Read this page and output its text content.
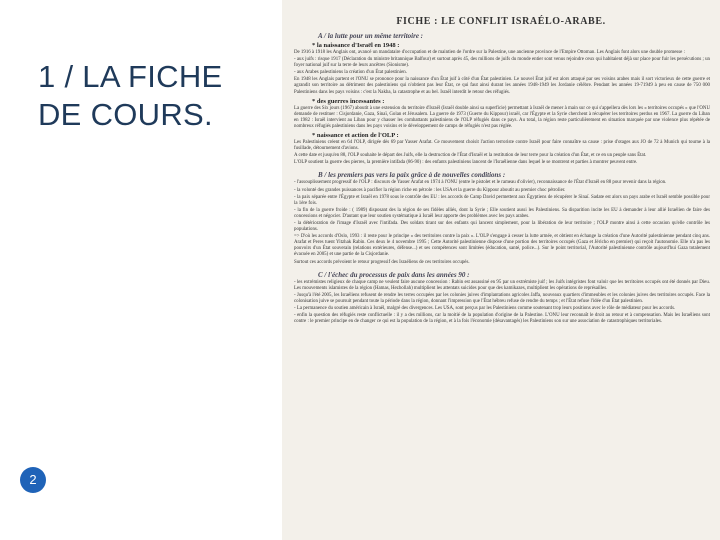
1 / LA FICHE
DE COURS.
2
FICHE : LE CONFLIT ISRAÉLO-ARABE.
A / la lutte pour un même territoire :
* la naissance d'Israël en 1948 :
De 1916 à 1918 les Anglais ont, avancé un mandataire d'occupation et de maintien de l'ordre sur la Palestine, une ancienne province de l'Empire Ottoman. Les Anglais font alors une double promesse :
- aux juifs : risque 1917 (Déclaration du ministre britannique Balfour) et surtout après 45, des millions de juifs du monde entier sont venus rejoindre ceux qui habitaient déjà sur place pour fuir les persécutions ; un foyer national juif sur la terre de leurs ancêtres (Sionisme).
- aux Arabes palestiniens la création d'un État palestinien.
En 1948 les Anglais partent et l'ONU se prononce pour la naissance d'un État juif à côté d'un État palestinien. Le nouvel État juif est alors attaqué par ses voisins arabes mais il sort victorieux de cette guerre et agrandit son territoire au détriment des palestiniens qui n'obtient pas leur État, ce qui faut ainsi durant les années 1948-1949 les Jordanie célèbre. Pendant les années 19-71949 à peu en cause de 750 000 Palestiniens dans les pays voisins : c'est la Nakba, la catastrophe et au bel. Israël interdit le retour des réfugiés.
* des guerres incessantes :
La guerre des Six jours (1967) aboutit à une extension du territoire d'Israël (Israël double ainsi sa superficie) permettant à Israël de mener à main sur ce qui s'appellera dès lors les « territoires occupés » que l'ONU demande de restituer : Cisjordanie, Gaza, Sinaï, Golan et Jérusalem. La guerre de 1973 (Guerre du Kippour) israël, car l'Égypte et la Syrie cherchent à récupérer les territoires perdus en 1967. La guerre du Liban en 1982 : Israël intervient au Liban pour y chasser les combattants palestiniens de l'OLP réfugiés dans ce pays. Au total, la région reste particulièrement en situation marquée par une violence plus répétée de nombreux réfugiés palestiniens dans les pays voisins et le développement de camps de réfugiés n'est pas réglée.
* naissance et action de l'OLP :
Les Palestiniens créent en 64 l'OLP, dirigée dès 69 par Yasser Arafat. Ce mouvement choisit l'action terroriste contre Israël pour faire connaître sa cause : prise d'otages aux JO de 72 à Munich qui tourne à la fusillade, détournement d'avions.
A cette date et jusqu'en 88, l'OLP souhaite le départ des Juifs, elle la destruction de l'État d'Israël et la restitution de leur terre pour la création d'un État, et ce en un peuple sans État.
L'OLP soutient la guerre des pierres, la première intifada (86-90) : des enfants palestiniens lancent de l'Israélienne dans lequel le se montrent et parties à montrer peuvent entre.
B / les premiers pas vers la paix grâce à de nouvelles conditions :
- l'assouplissement progressif de l'OLP : discours de Yasser Arafat en 1974 à l'ONU (entre le pistolet et le rameau d'olivier), reconnaissance de l'État d'Israël en 88 pour revenir dans la région.
- la volonté des grandes puissances à pacifier la région riche en pétrole : les USA et la guerre du Kippour aboutit au premier choc pétrolier.
- la paix séparée entre l'Égypte et Israël en 1978 sous le contrôle des EU : les accords de Camp David permettent aux Égyptiens de récupérer le Sinaï. Sadate est alors un pays arabe et Israël semble possible pour la 1ère fois.
- la fin de la guerre froide : ( 1989) disposant des la région de ses fidèles alliés, dont la Syrie ; Elle soutient aussi les Palestiniens. Sa disparition incite les EU à demander à leur allié Israélien de faire des concessions et négocier. D'autant que leur soutien systématique à Israël leur apporte des problèmes avec les pays arabes.
- la détérioration de l'image d'Israël avec l'intifada. Des soldats tirant sur des enfants qui lancent simplement, pour la libération de leur territoire ; l'OLP montre ainsi à cette occasion qu'elle contrôle les populations.
=> D'où les accords d'Oslo, 1993 : il reste pour le principe « des territoires contre la paix ». L'OLP s'engage à cesser la lutte armée, et obtient en échange la création d'une Autorité palestinienne pendant cinq ans. Arafat et Peres tuent Yitzhak Rabin. Ces deux le 4 novembre 1995 ; Cette Autorité palestinienne dispose d'une portion des territoires occupés (Gaza et Jéricho en premier) qui reçoit l'autonomie. Elle n'a pas les pouvoirs d'un État souverain (relations extérieures, défense...) et ses compétences sont limitées (éducation, santé, police...). Sur le point territorial, l'Autorité palestinienne contrôle aujourd'hui Gaza totalement évacuée en 2005) et une partie de la Cisjordanie.
Surtout ces accords prévoient le retour progressif des Israéliens de ces territoires occupés.
C / l'échec du processus de paix dans les années 90 :
- les extrémistes religieux de chaque camp ne veulent faire aucune concession : Rabin est assassiné en 95 par un extrémiste juif ; les Juifs intégristes font valoir que les territoires occupés ont été donnés par Dieu. Les mouvements islamistes de la région (Hamas, Hezbollah) multiplient les attentats suicides pour que des kamikazes, multiplient les opérations de représailles.
- Jusqu'à l'été 2005, les Israéliens refusent de rendre les terres occupées par les colonies juives d'implantations agricoles Jaffa, nouveaux quartiers d'immeubles et les colonies juives des territoires occupés. Face la colonisation juive se poursuit pendant toute la période dans la région, donnant l'impression que l'État hébreu refuse de rendre du temps ; et l'État refuse l'idée d'un État palestinien.
- La permanence du soutien américain à Israël, malgré des divergences. Les USA, sont perçus par les Palestiniens comme soutenant trop leurs positions avec le rôle de médiateur pour les accords.
- enfin la question des réfugiés reste conflictuelle : il y a des millions, car la moitié de la population d'origine de la Palestine. L'ONU leur reconnaît le droit au retour et à compensation. Mais les Israéliens sont contre : le premier principe en de changer ce qui est la population de la région, et à la fois l'économie (désavantagés) les Palestiniens son sur une association de catastrophiques territoriales.
